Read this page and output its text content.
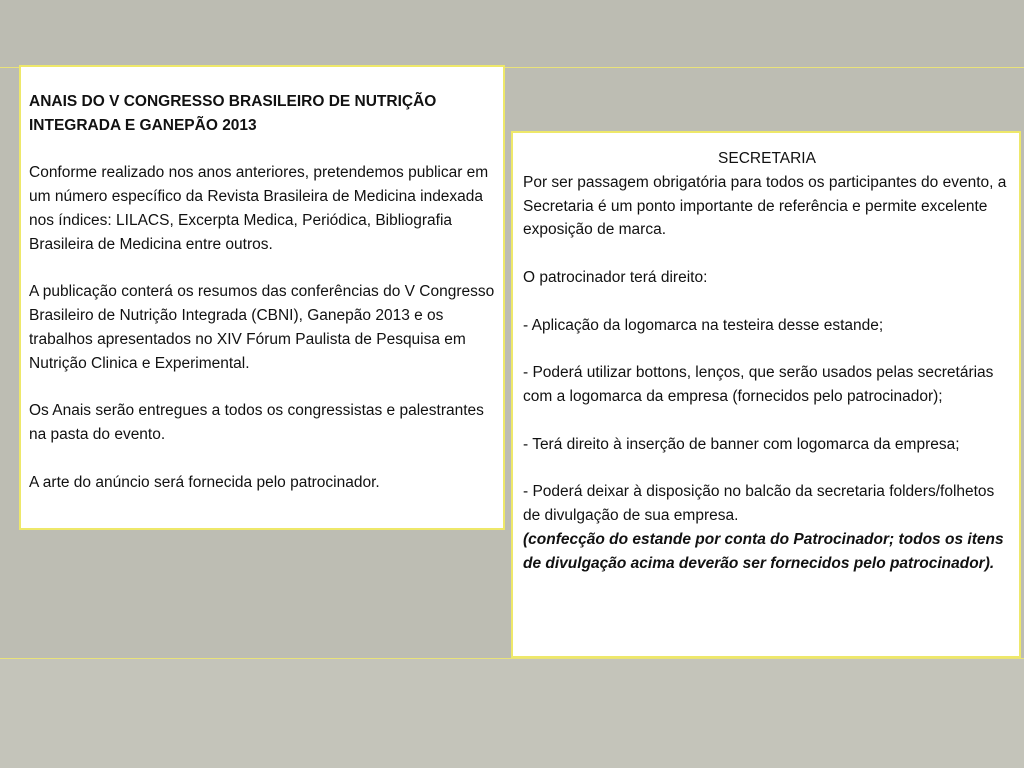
ANAIS DO V CONGRESSO BRASILEIRO DE NUTRIÇÃO INTEGRADA E GANEPÃO 2013
Conforme realizado nos anos anteriores, pretendemos publicar em um número específico da Revista Brasileira de Medicina indexada nos índices: LILACS, Excerpta Medica, Periódica, Bibliografia Brasileira de Medicina entre outros.
A publicação conterá os resumos das conferências do V Congresso Brasileiro de Nutrição Integrada (CBNI), Ganepão 2013 e os trabalhos apresentados no XIV Fórum Paulista de Pesquisa em Nutrição Clinica e Experimental.
Os Anais serão entregues a todos os congressistas e palestrantes na pasta do evento.
A arte do anúncio será fornecida pelo patrocinador.
SECRETARIA
Por ser passagem obrigatória para todos os participantes do evento, a Secretaria é um ponto importante de referência e permite excelente exposição de marca.
O patrocinador terá direito:
- Aplicação da logomarca na testeira desse estande;
- Poderá utilizar bottons, lenços, que serão usados pelas secretárias com a logomarca da empresa (fornecidos pelo patrocinador);
- Terá direito à inserção de banner com logomarca da empresa;
- Poderá deixar à disposição no balcão da secretaria folders/folhetos de divulgação de sua empresa.
(confecção do estande por conta do Patrocinador; todos os itens de divulgação acima deverão ser fornecidos pelo patrocinador).
